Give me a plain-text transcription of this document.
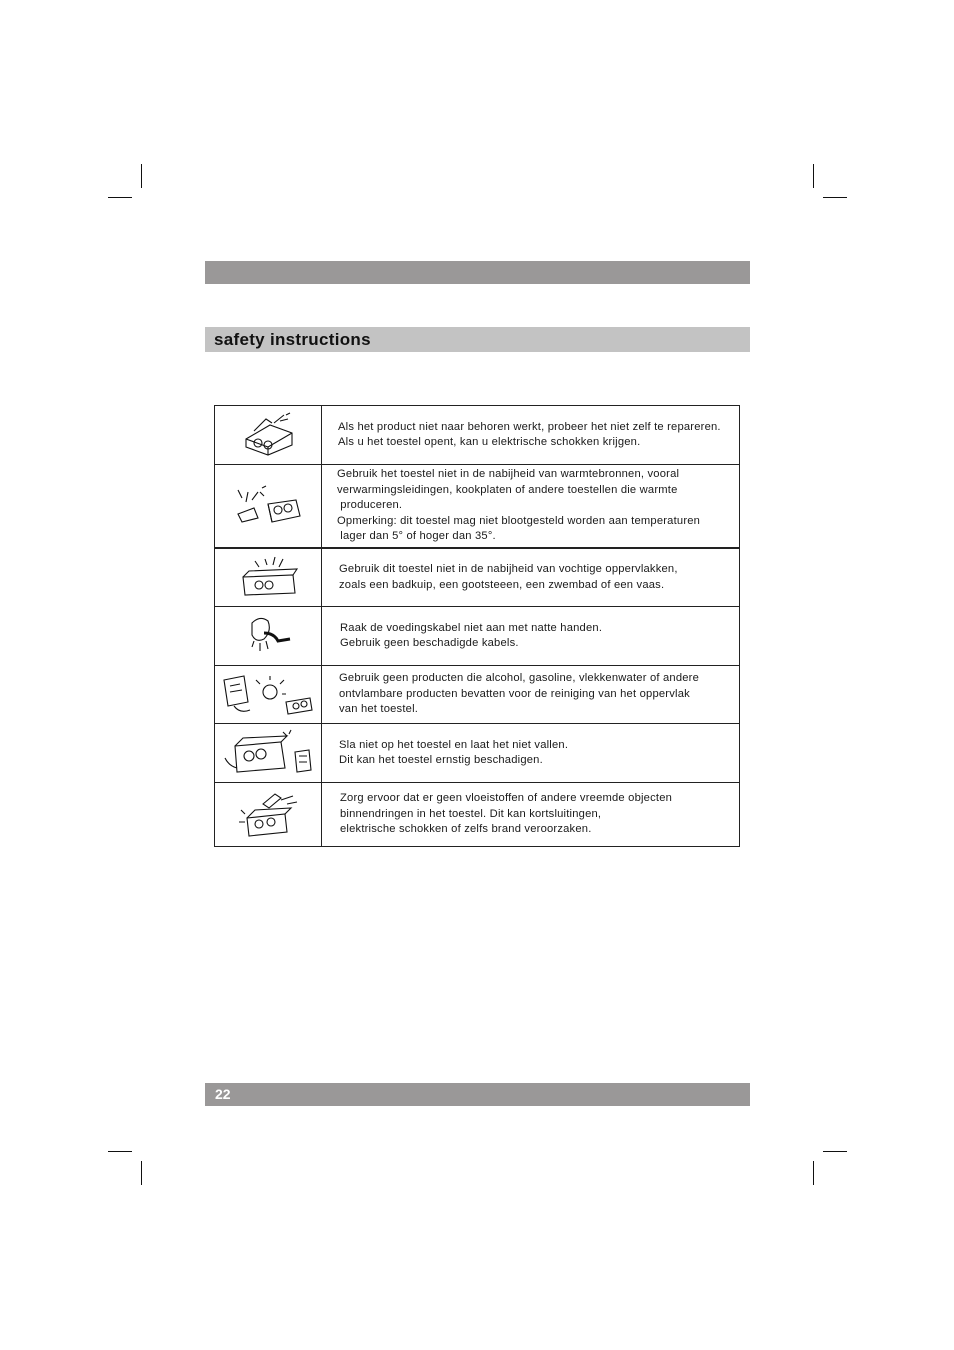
safety instructions
Als het product niet naar behoren werkt, probeer het niet zelf te repareren.
Als u het toestel opent, kan u elektrische schokken krijgen.
Gebruik het toestel niet in de nabijheid van warmtebronnen, vooral
verwarmingsleidingen, kookplaten of andere toestellen die warmte
produceren.
Opmerking: dit toestel mag niet blootgesteld worden aan temperaturen
lager dan 5° of hoger dan 35°.
Gebruik dit toestel niet in de nabijheid van vochtige oppervlakken,
zoals een badkuip, een gootsteeen, een zwembad of een vaas.
Raak de voedingskabel niet aan met natte handen.
Gebruik geen beschadigde kabels.
Gebruik geen producten die alcohol, gasoline, vlekkenwater of andere
ontvlambare producten bevatten voor de reiniging van het oppervlak
van het toestel.
Sla niet op het toestel en laat het niet vallen.
Dit kan het toestel ernstig beschadigen.
Zorg ervoor dat er geen vloeistoffen of andere vreemde objecten
binnendringen in het toestel. Dit kan kortsluitingen,
elektrische schokken of zelfs brand veroorzaken.
22
